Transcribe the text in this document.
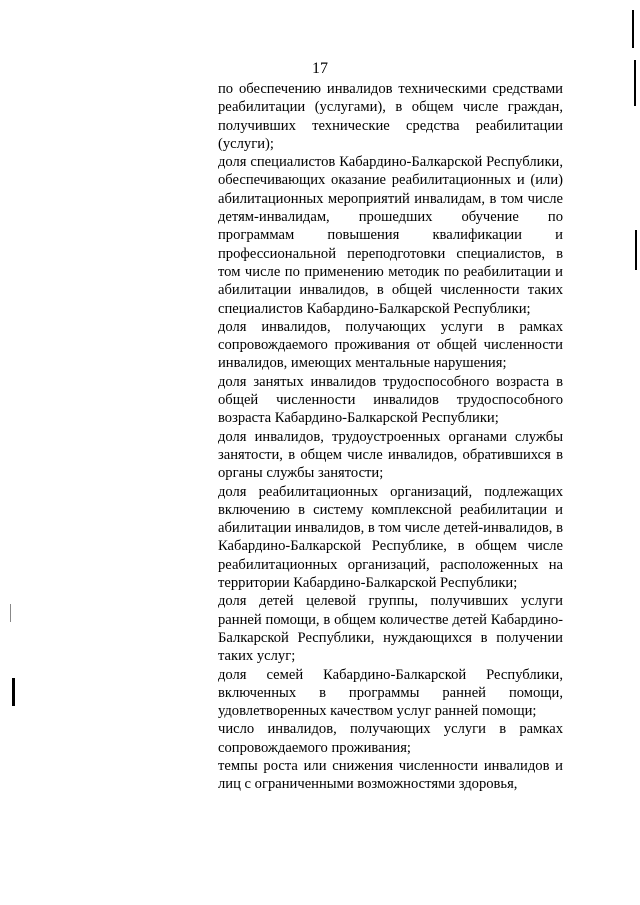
17

по обеспечению инвалидов техническими средствами реабилитации (услугами), в общем числе граждан, получивших технические средства реабилитации (услуги);

доля специалистов Кабардино-Балкарской Республики, обеспечивающих оказание реабилитационных и (или) абилитационных мероприятий инвалидам, в том числе детям-инвалидам, прошедших обучение по программам повышения квалификации и профессиональной переподготовки специалистов, в том числе по применению методик по реабилитации и абилитации инвалидов, в общей численности таких специалистов Кабардино-Балкарской Республики;

доля инвалидов, получающих услуги в рамках сопровождаемого проживания от общей численности инвалидов, имеющих ментальные нарушения;

доля занятых инвалидов трудоспособного возраста в общей численности инвалидов трудоспособного возраста Кабардино-Балкарской Республики;

доля инвалидов, трудоустроенных органами службы занятости, в общем числе инвалидов, обратившихся в органы службы занятости;

доля реабилитационных организаций, подлежащих включению в систему комплексной реабилитации и абилитации инвалидов, в том числе детей-инвалидов, в Кабардино-Балкарской Республике, в общем числе реабилитационных организаций, расположенных на территории Кабардино-Балкарской Республики;

доля детей целевой группы, получивших услуги ранней помощи, в общем количестве детей Кабардино-Балкарской Республики, нуждающихся в получении таких услуг;

доля семей Кабардино-Балкарской Республики, включенных в программы ранней помощи, удовлетворенных качеством услуг ранней помощи;

число инвалидов, получающих услуги в рамках сопровождаемого проживания;

темпы роста или снижения численности инвалидов и лиц с ограниченными возможностями здоровья,
